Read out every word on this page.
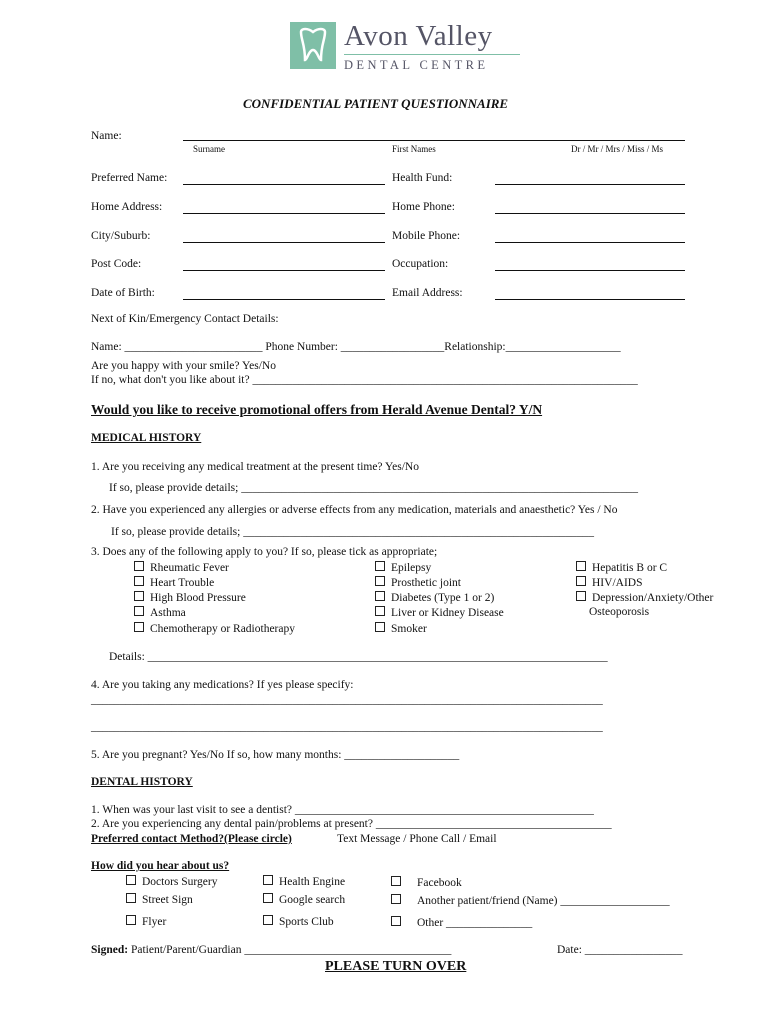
Avon Valley
DENTAL CENTRE
CONFIDENTIAL PATIENT QUESTIONNAIRE
Name:
Surname	First Names	Dr / Mr / Mrs / Miss / Ms
Preferred Name:	Health Fund:
Home Address:	Home Phone:
City/Suburb:	Mobile Phone:
Post Code:	Occupation:
Date of Birth:	Email Address:
Next of Kin/Emergency Contact Details:
Name: ________________________ Phone Number: __________________Relationship:____________________
Are you happy with your smile? Yes/No
If no, what don't you like about it? ___________________________________________________________________
Would you like to receive promotional offers from Herald Avenue Dental? Y/N
MEDICAL HISTORY
1. Are you receiving any medical treatment at the present time? Yes/No
If so, please provide details; _____________________________________________________________________
2. Have you experienced any allergies or adverse effects from any medication, materials and anaesthetic? Yes / No
If so, please provide details; _____________________________________________________________
3. Does any of the following apply to you? If so, please tick as appropriate;
Rheumatic Fever
Heart Trouble
High Blood Pressure
Asthma
Chemotherapy or Radiotherapy
Epilepsy
Prosthetic joint
Diabetes (Type 1 or 2)
Liver or Kidney Disease
Smoker
Hepatitis B or C
HIV/AIDS
Depression/Anxiety/Other
Osteoporosis
Details: ________________________________________________________________________________
4. Are you taking any medications? If yes please specify:
_________________________________________________________________________________________
_________________________________________________________________________________________
5. Are you pregnant? Yes/No If so, how many months: ____________________
DENTAL HISTORY
1. When was your last visit to see a dentist? ____________________________________________________
2. Are you experiencing any dental pain/problems at present? _________________________________________
Preferred contact Method?(Please circle)	Text Message / Phone Call / Email
How did you hear about us?
Doctors Surgery
Street Sign
Flyer
Health Engine
Google search
Sports Club
Facebook
Another patient/friend (Name) ___________________
Other _______________
Signed: Patient/Parent/Guardian ____________________________________	Date: _________________
PLEASE TURN OVER
